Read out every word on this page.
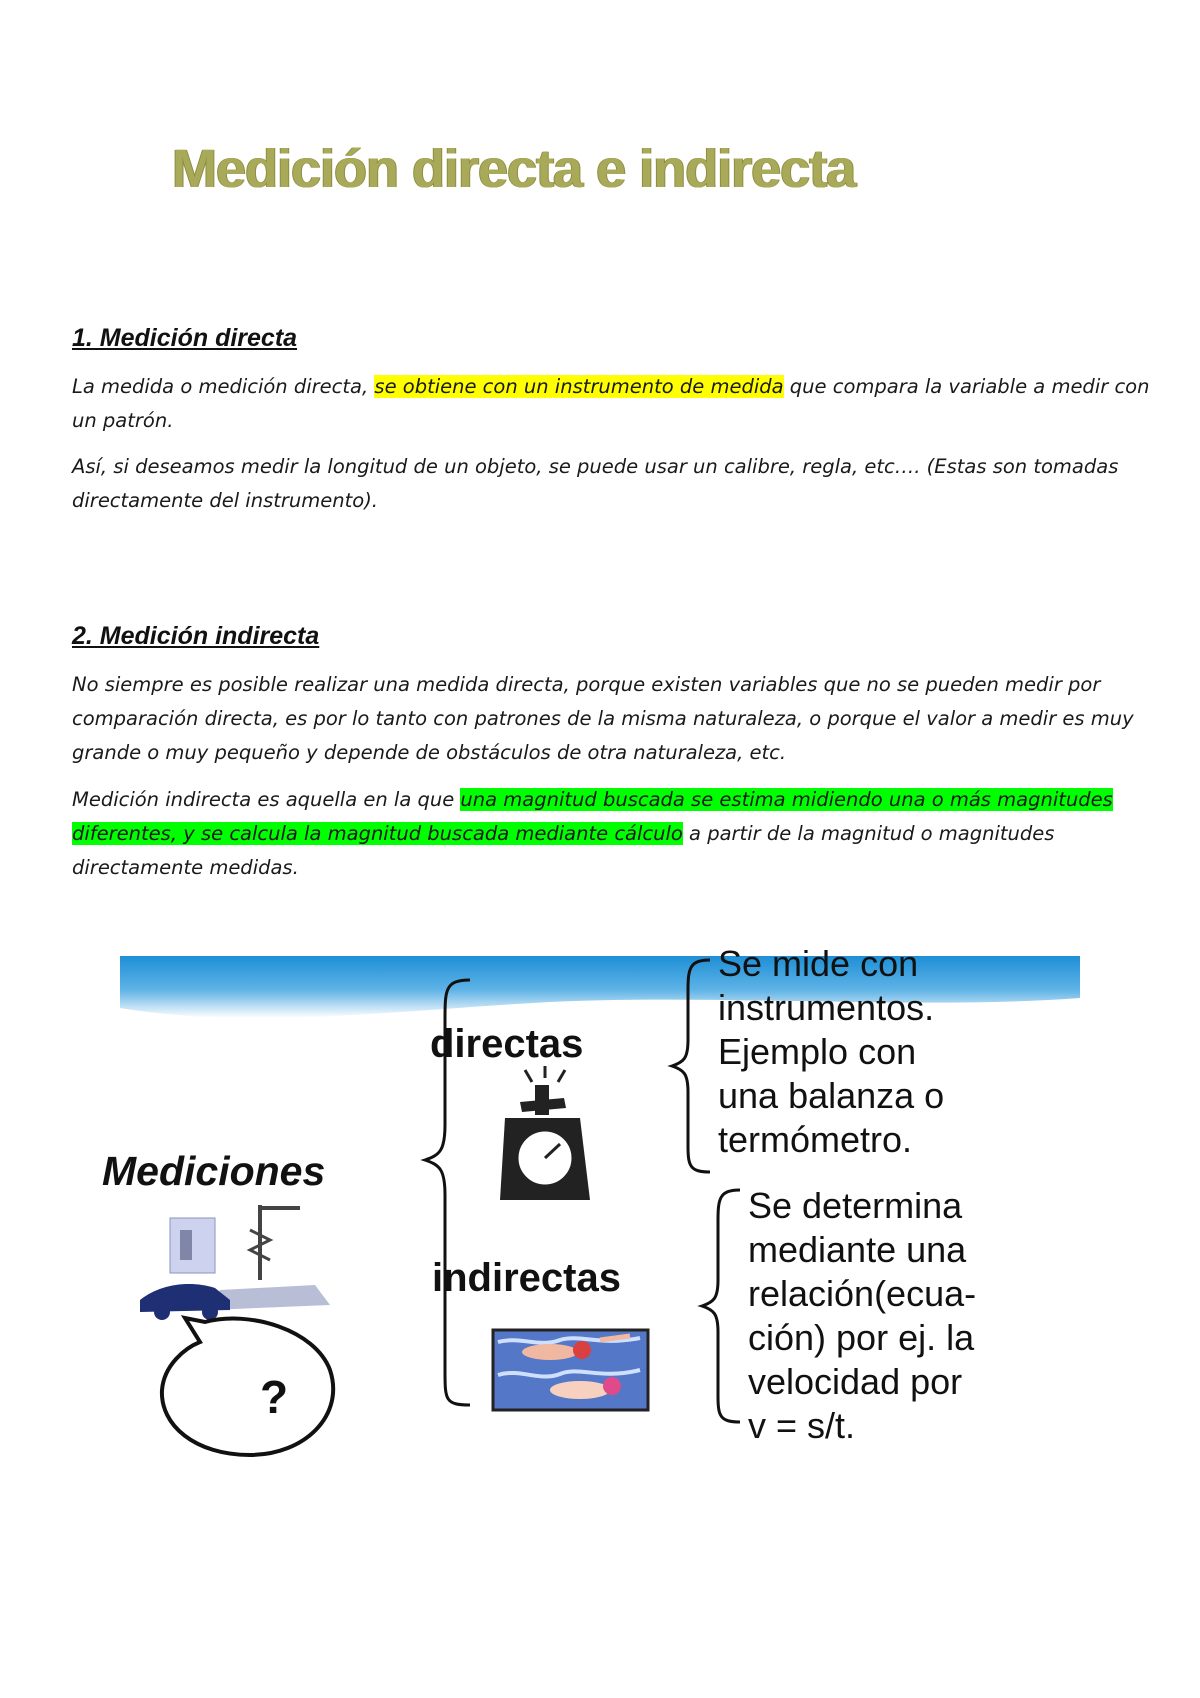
Medición directa e indirecta
1. Medición directa
La medida o medición directa, se obtiene con un instrumento de medida que compara la variable a medir con un patrón.
Así, si deseamos medir la longitud de un objeto, se puede usar un calibre, regla, etc…. (Estas son tomadas directamente del instrumento).
2. Medición indirecta
No siempre es posible realizar una medida directa, porque existen variables que no se pueden medir por comparación directa, es por lo tanto con patrones de la misma naturaleza, o porque el valor a medir es muy grande o muy pequeño y depende de obstáculos de otra naturaleza, etc.
Medición indirecta es aquella en la que una magnitud buscada se estima midiendo una o más magnitudes diferentes, y se calcula la magnitud buscada mediante cálculo a partir de la magnitud o magnitudes directamente medidas.
Mediciones
?
directas
indirectas
Se mide con
instrumentos.
Ejemplo con
una balanza o
termómetro.
Se determina
mediante una
relación(ecua-
ción) por ej. la
velocidad por
v = s/t.
